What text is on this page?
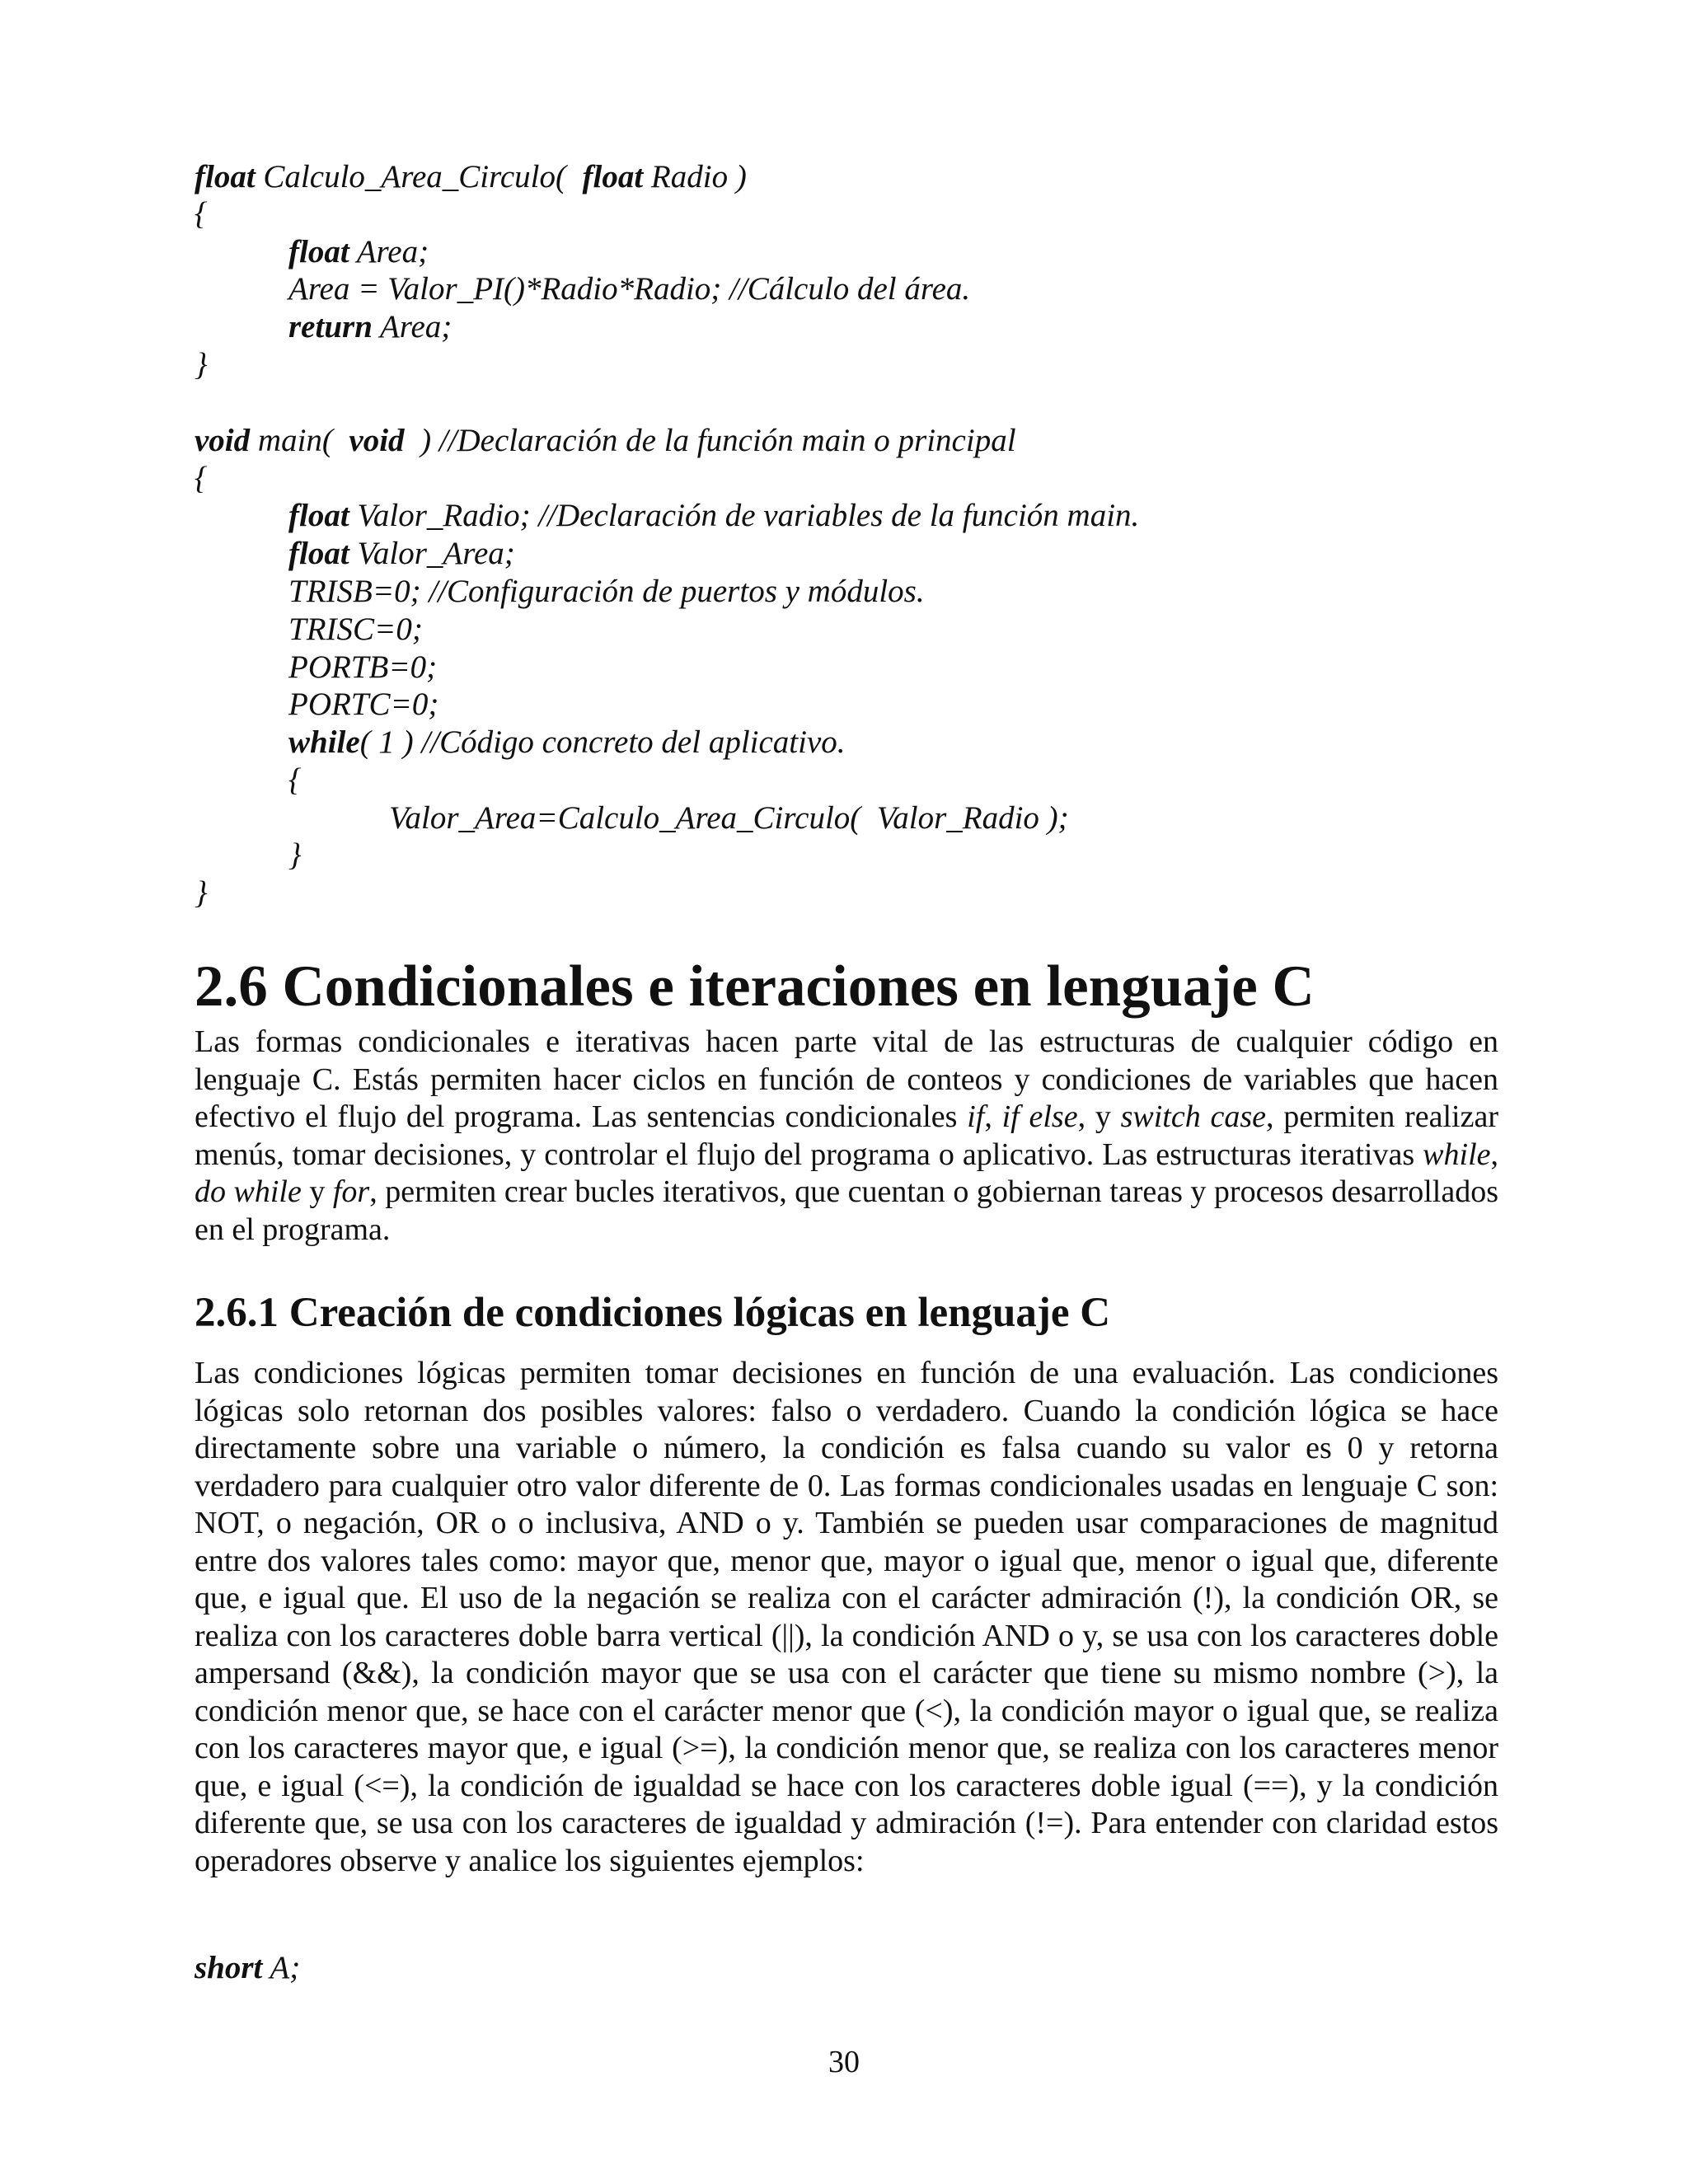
float Calculo_Area_Circulo(  float Radio )

{

float Area;

Area = Valor_PI()*Radio*Radio; //Cálculo del área.

return Area;

}

void main(  void  ) //Declaración de la función main o principal

{

float Valor_Radio; //Declaración de variables de la función main.

float Valor_Area;

TRISB=0; //Configuración de puertos y módulos.

TRISC=0;

PORTB=0;

PORTC=0;

while( 1 ) //Código concreto del aplicativo.

{

Valor_Area=Calculo_Area_Circulo(  Valor_Radio );

}

}

2.6 Condicionales e iteraciones en lenguaje C

Las formas condicionales e iterativas hacen parte vital de las estructuras de cualquier código en lenguaje C. Estás permiten hacer ciclos en función de conteos y condiciones de variables que hacen efectivo el flujo del programa. Las sentencias condicionales if, if else, y switch case, permiten realizar menús, tomar decisiones, y controlar el flujo del programa o aplicativo. Las estructuras iterativas while, do while y for, permiten crear bucles iterativos, que cuentan o gobiernan tareas y procesos desarrollados en el programa.

2.6.1 Creación de condiciones lógicas en lenguaje C

Las condiciones lógicas permiten tomar decisiones en función de una evaluación. Las condiciones lógicas solo retornan dos posibles valores: falso o verdadero. Cuando la condición lógica se hace directamente sobre una variable o número, la condición es falsa cuando su valor es 0 y retorna verdadero para cualquier otro valor diferente de 0. Las formas condicionales usadas en lenguaje C son: NOT, o negación, OR o o inclusiva, AND o y. También se pueden usar comparaciones de magnitud entre dos valores tales como: mayor que, menor que, mayor o igual que, menor o igual que, diferente que, e igual que. El uso de la negación se realiza con el carácter admiración (!), la condición OR, se realiza con los caracteres doble barra vertical (||), la condición AND o y, se usa con los caracteres doble ampersand (&&), la condición mayor que se usa con el carácter que tiene su mismo nombre (>), la condición menor que, se hace con el carácter menor que (<), la condición mayor o igual que, se realiza con los caracteres mayor que, e igual (>=), la condición menor que, se realiza con los caracteres menor que, e igual (<=), la condición de igualdad se hace con los caracteres doble igual (==), y la condición diferente que, se usa con los caracteres de igualdad y admiración (!=). Para entender con claridad estos operadores observe y analice los siguientes ejemplos:

short A;
30
